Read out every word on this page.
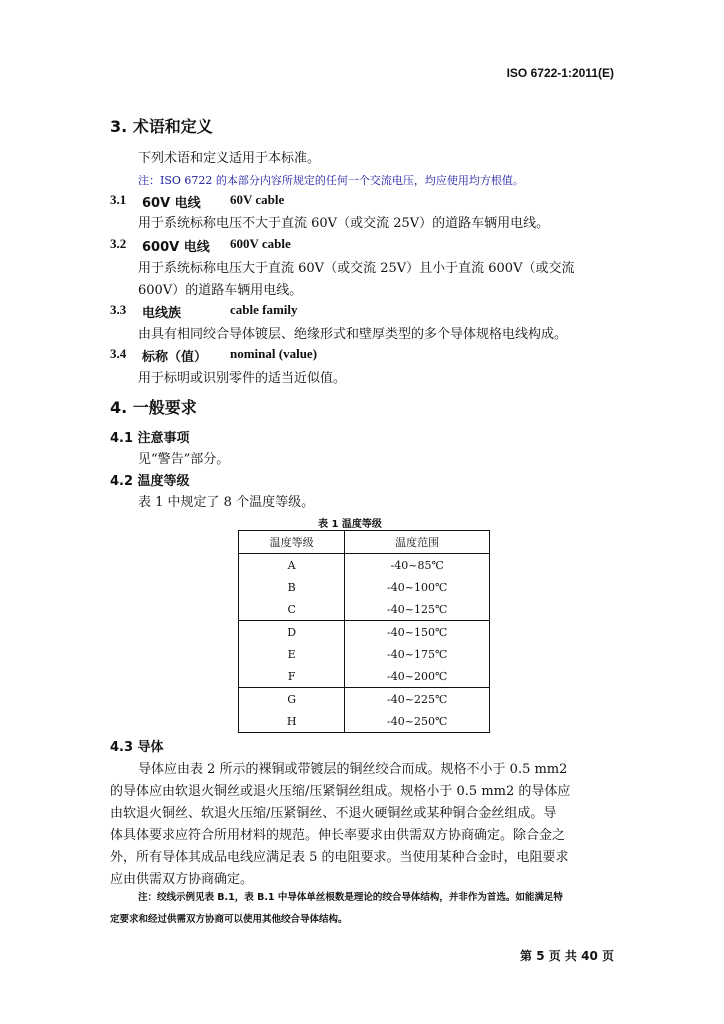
ISO 6722-1:2011(E)
3. 术语和定义
下列术语和定义适用于本标准。
注：ISO 6722 的本部分内容所规定的任何一个交流电压，均应使用均方根值。
3.1 60V 电线 60V cable
用于系统标称电压不大于直流 60V（或交流 25V）的道路车辆用电线。
3.2 600V 电线 600V cable
用于系统标称电压大于直流 60V（或交流 25V）且小于直流 600V（或交流
600V）的道路车辆用电线。
3.3 电线族	cable family
由具有相同绞合导体镀层、绝缘形式和壁厚类型的多个导体规格电线构成。
3.4 标称（值） nominal (value)
用于标明或识别零件的适当近似值。
4. 一般要求
4.1 注意事项
见“警告”部分。
4.2 温度等级
表 1 中规定了 8 个温度等级。
表 1 温度等级
温度等级	温度范围
A	-40~85℃
B	-40~100℃
C	-40~125℃
D	-40~150℃
E	-40~175℃
F	-40~200℃
G	-40~225℃
H	-40~250℃
4.3 导体
导体应由表 2 所示的裸铜或带镀层的铜丝绞合而成。规格不小于 0.5 mm2
的导体应由软退火铜丝或退火压缩/压紧铜丝组成。规格小于 0.5 mm2 的导体应
由软退火铜丝、软退火压缩/压紧铜丝、不退火硬铜丝或某种铜合金丝组成。导
体具体要求应符合所用材料的规范。伸长率要求由供需双方协商确定。除合金之
外，所有导体其成品电线应满足表 5 的电阻要求。当使用某种合金时，电阻要求
应由供需双方协商确定。
注：绞线示例见表 B.1，表 B.1 中导体单丝根数是理论的绞合导体结构，并非作为首选。如能满足特
定要求和经过供需双方协商可以使用其他绞合导体结构。
第 5 页 共 40 页
